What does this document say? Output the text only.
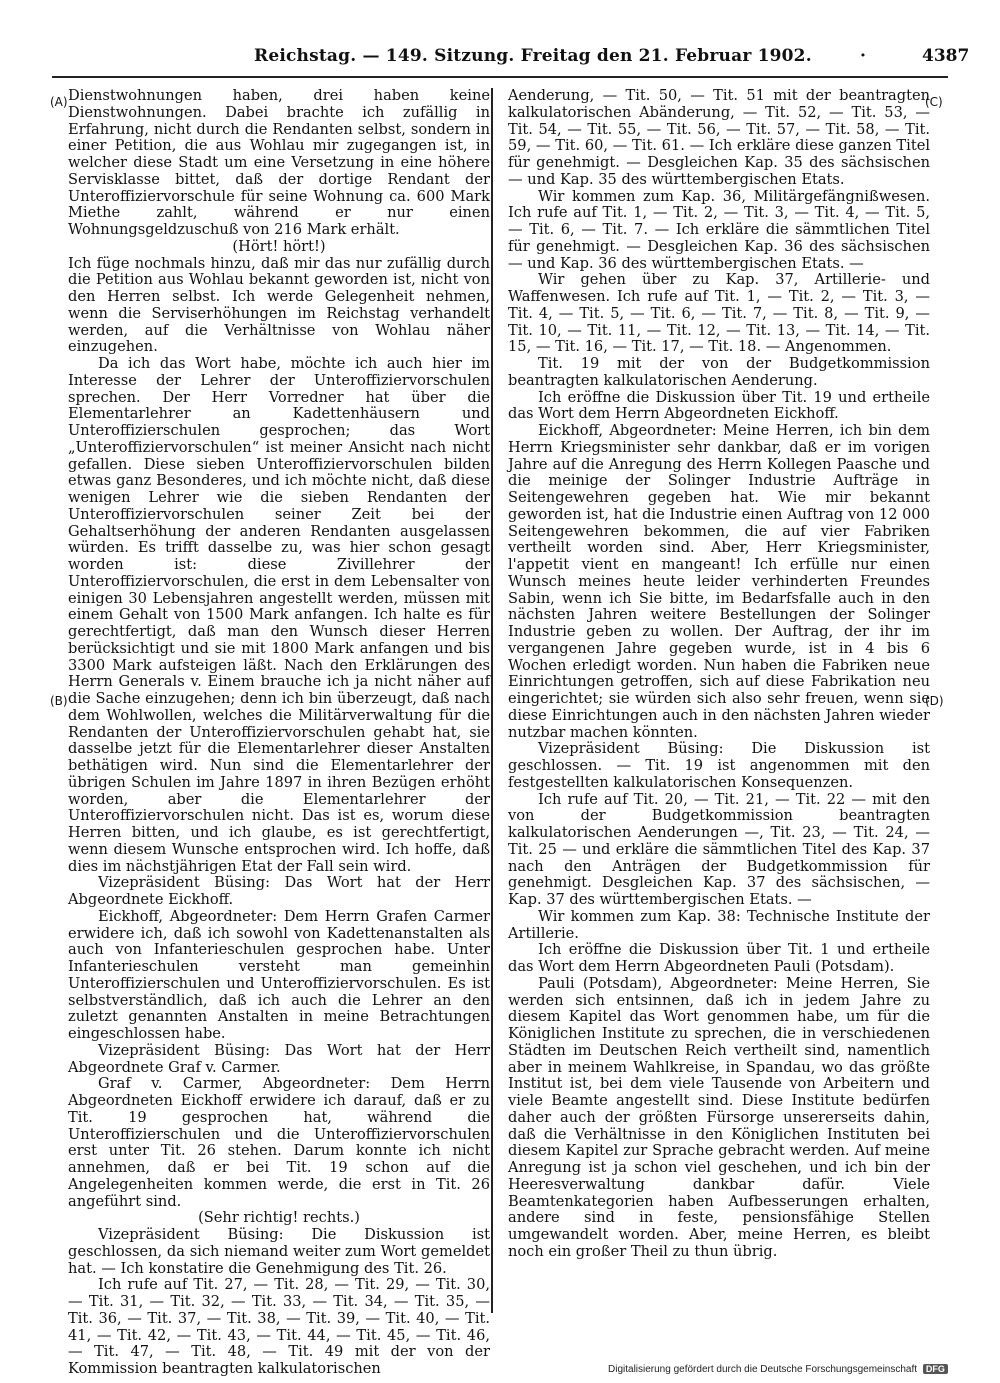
Reichstag. — 149. Sitzung. Freitag den 21. Februar 1902.	·	4387
(A)
(B)
(C)
(D)

Dienstwohnungen haben, drei haben keine Dienstwohnungen. Dabei brachte ich zufällig in Erfahrung, nicht durch die Rendanten selbst, sondern in einer Petition, die aus Wohlau mir zugegangen ist, in welcher diese Stadt um eine Versetzung in eine höhere Servisklasse bittet, daß der dortige Rendant der Unteroffiziervorschule für seine Wohnung ca. 600 Mark Miethe zahlt, während er nur einen Wohnungsgeldzuschuß von 216 Mark erhält.

(Hört! hört!)

Ich füge nochmals hinzu, daß mir das nur zufällig durch die Petition aus Wohlau bekannt geworden ist, nicht von den Herren selbst. Ich werde Gelegenheit nehmen, wenn die Serviserhöhungen im Reichstag verhandelt werden, auf die Verhältnisse von Wohlau näher einzugehen.

Da ich das Wort habe, möchte ich auch hier im Interesse der Lehrer der Unteroffiziervorschulen sprechen. Der Herr Vorredner hat über die Elementarlehrer an Kadettenhäusern und Unteroffizierschulen gesprochen; das Wort „Unteroffiziervorschulen“ ist meiner Ansicht nach nicht gefallen. Diese sieben Unteroffiziervorschulen bilden etwas ganz Besonderes, und ich möchte nicht, daß diese wenigen Lehrer wie die sieben Rendanten der Unteroffiziervorschulen seiner Zeit bei der Gehaltserhöhung der anderen Rendanten ausgelassen würden. Es trifft dasselbe zu, was hier schon gesagt worden ist: diese Zivillehrer der Unteroffiziervorschulen, die erst in dem Lebensalter von einigen 30 Lebensjahren angestellt werden, müssen mit einem Gehalt von 1500 Mark anfangen. Ich halte es für gerechtfertigt, daß man den Wunsch dieser Herren berücksichtigt und sie mit 1800 Mark anfangen und bis 3300 Mark aufsteigen läßt. Nach den Erklärungen des Herrn Generals v. Einem brauche ich ja nicht näher auf die Sache einzugehen; denn ich bin überzeugt, daß nach dem Wohlwollen, welches die Militärverwaltung für die Rendanten der Unteroffiziervorschulen gehabt hat, sie dasselbe jetzt für die Elementarlehrer dieser Anstalten bethätigen wird. Nun sind die Elementarlehrer der übrigen Schulen im Jahre 1897 in ihren Bezügen erhöht worden, aber die Elementarlehrer der Unteroffiziervorschulen nicht. Das ist es, worum diese Herren bitten, und ich glaube, es ist gerechtfertigt, wenn diesem Wunsche entsprochen wird. Ich hoffe, daß dies im nächstjährigen Etat der Fall sein wird.

Vizepräsident Büsing: Das Wort hat der Herr Abgeordnete Eickhoff.

Eickhoff, Abgeordneter: Dem Herrn Grafen Carmer erwidere ich, daß ich sowohl von Kadettenanstalten als auch von Infanterieschulen gesprochen habe. Unter Infanterieschulen versteht man gemeinhin Unteroffizierschulen und Unteroffiziervorschulen. Es ist selbstverständlich, daß ich auch die Lehrer an den zuletzt genannten Anstalten in meine Betrachtungen eingeschlossen habe.

Vizepräsident Büsing: Das Wort hat der Herr Abgeordnete Graf v. Carmer.

Graf v. Carmer, Abgeordneter: Dem Herrn Abgeordneten Eickhoff erwidere ich darauf, daß er zu Tit. 19 gesprochen hat, während die Unteroffizierschulen und die Unteroffiziervorschulen erst unter Tit. 26 stehen. Darum konnte ich nicht annehmen, daß er bei Tit. 19 schon auf die Angelegenheiten kommen werde, die erst in Tit. 26 angeführt sind.

(Sehr richtig! rechts.)

Vizepräsident Büsing: Die Diskussion ist geschlossen, da sich niemand weiter zum Wort gemeldet hat. — Ich konstatire die Genehmigung des Tit. 26.

Ich rufe auf Tit. 27, — Tit. 28, — Tit. 29, — Tit. 30, — Tit. 31, — Tit. 32, — Tit. 33, — Tit. 34, — Tit. 35, — Tit. 36, — Tit. 37, — Tit. 38, — Tit. 39, — Tit. 40, — Tit. 41, — Tit. 42, — Tit. 43, — Tit. 44, — Tit. 45, — Tit. 46, — Tit. 47, — Tit. 48, — Tit. 49 mit der von der Kommission beantragten kalkulatorischen

Aenderung, — Tit. 50, — Tit. 51 mit der beantragten kalkulatorischen Abänderung, — Tit. 52, — Tit. 53, — Tit. 54, — Tit. 55, — Tit. 56, — Tit. 57, — Tit. 58, — Tit. 59, — Tit. 60, — Tit. 61. — Ich erkläre diese ganzen Titel für genehmigt. — Desgleichen Kap. 35 des sächsischen — und Kap. 35 des württembergischen Etats.

Wir kommen zum Kap. 36, Militärgefängnißwesen. Ich rufe auf Tit. 1, — Tit. 2, — Tit. 3, — Tit. 4, — Tit. 5, — Tit. 6, — Tit. 7. — Ich erkläre die sämmtlichen Titel für genehmigt. — Desgleichen Kap. 36 des sächsischen — und Kap. 36 des württembergischen Etats. —

Wir gehen über zu Kap. 37, Artillerie- und Waffenwesen. Ich rufe auf Tit. 1, — Tit. 2, — Tit. 3, — Tit. 4, — Tit. 5, — Tit. 6, — Tit. 7, — Tit. 8, — Tit. 9, — Tit. 10, — Tit. 11, — Tit. 12, — Tit. 13, — Tit. 14, — Tit. 15, — Tit. 16, — Tit. 17, — Tit. 18. — Angenommen.

Tit. 19 mit der von der Budgetkommission beantragten kalkulatorischen Aenderung.

Ich eröffne die Diskussion über Tit. 19 und ertheile das Wort dem Herrn Abgeordneten Eickhoff.

Eickhoff, Abgeordneter: Meine Herren, ich bin dem Herrn Kriegsminister sehr dankbar, daß er im vorigen Jahre auf die Anregung des Herrn Kollegen Paasche und die meinige der Solinger Industrie Aufträge in Seitengewehren gegeben hat. Wie mir bekannt geworden ist, hat die Industrie einen Auftrag von 12 000 Seitengewehren bekommen, die auf vier Fabriken vertheilt worden sind. Aber, Herr Kriegsminister, l'appetit vient en mangeant! Ich erfülle nur einen Wunsch meines heute leider verhinderten Freundes Sabin, wenn ich Sie bitte, im Bedarfsfalle auch in den nächsten Jahren weitere Bestellungen der Solinger Industrie geben zu wollen. Der Auftrag, der ihr im vergangenen Jahre gegeben wurde, ist in 4 bis 6 Wochen erledigt worden. Nun haben die Fabriken neue Einrichtungen getroffen, sich auf diese Fabrikation neu eingerichtet; sie würden sich also sehr freuen, wenn sie diese Einrichtungen auch in den nächsten Jahren wieder nutzbar machen könnten.

Vizepräsident Büsing: Die Diskussion ist geschlossen. — Tit. 19 ist angenommen mit den festgestellten kalkulatorischen Konsequenzen.

Ich rufe auf Tit. 20, — Tit. 21, — Tit. 22 — mit den von der Budgetkommission beantragten kalkulatorischen Aenderungen —, Tit. 23, — Tit. 24, — Tit. 25 — und erkläre die sämmtlichen Titel des Kap. 37 nach den Anträgen der Budgetkommission für genehmigt. Desgleichen Kap. 37 des sächsischen, — Kap. 37 des württembergischen Etats. —

Wir kommen zum Kap. 38: Technische Institute der Artillerie.

Ich eröffne die Diskussion über Tit. 1 und ertheile das Wort dem Herrn Abgeordneten Pauli (Potsdam).

Pauli (Potsdam), Abgeordneter: Meine Herren, Sie werden sich entsinnen, daß ich in jedem Jahre zu diesem Kapitel das Wort genommen habe, um für die Königlichen Institute zu sprechen, die in verschiedenen Städten im Deutschen Reich vertheilt sind, namentlich aber in meinem Wahlkreise, in Spandau, wo das größte Institut ist, bei dem viele Tausende von Arbeitern und viele Beamte angestellt sind. Diese Institute bedürfen daher auch der größten Fürsorge unsererseits dahin, daß die Verhältnisse in den Königlichen Instituten bei diesem Kapitel zur Sprache gebracht werden. Auf meine Anregung ist ja schon viel geschehen, und ich bin der Heeresverwaltung dankbar dafür. Viele Beamtenkategorien haben Aufbesserungen erhalten, andere sind in feste, pensionsfähige Stellen umgewandelt worden. Aber, meine Herren, es bleibt noch ein großer Theil zu thun übrig.

Digitalisierung gefördert durch die Deutsche Forschungsgemeinschaft DFG
